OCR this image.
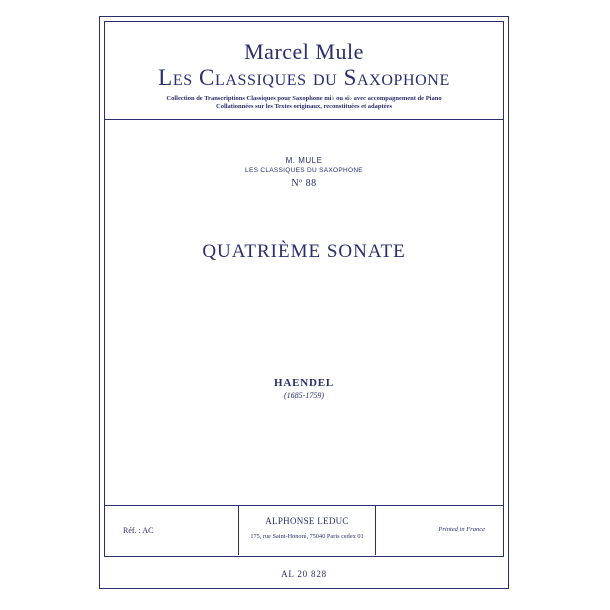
Marcel Mule
Les Classiques du Saxophone
Collection de Transcriptions Classiques pour Saxophone mi♭ ou si♭ avec accompagnement de Piano
Collationnées sur les Textes originaux, reconstituées et adaptées
M. MULE
LES CLASSIQUES DU SAXOPHONE
Nº 88
QUATRIÈME SONATE
HAENDEL
(1685-1759)
Réf. : AC
ALPHONSE LEDUC
175, rue Saint-Honoré, 75040 Paris cedex 01
Printed in France
AL 20 828
